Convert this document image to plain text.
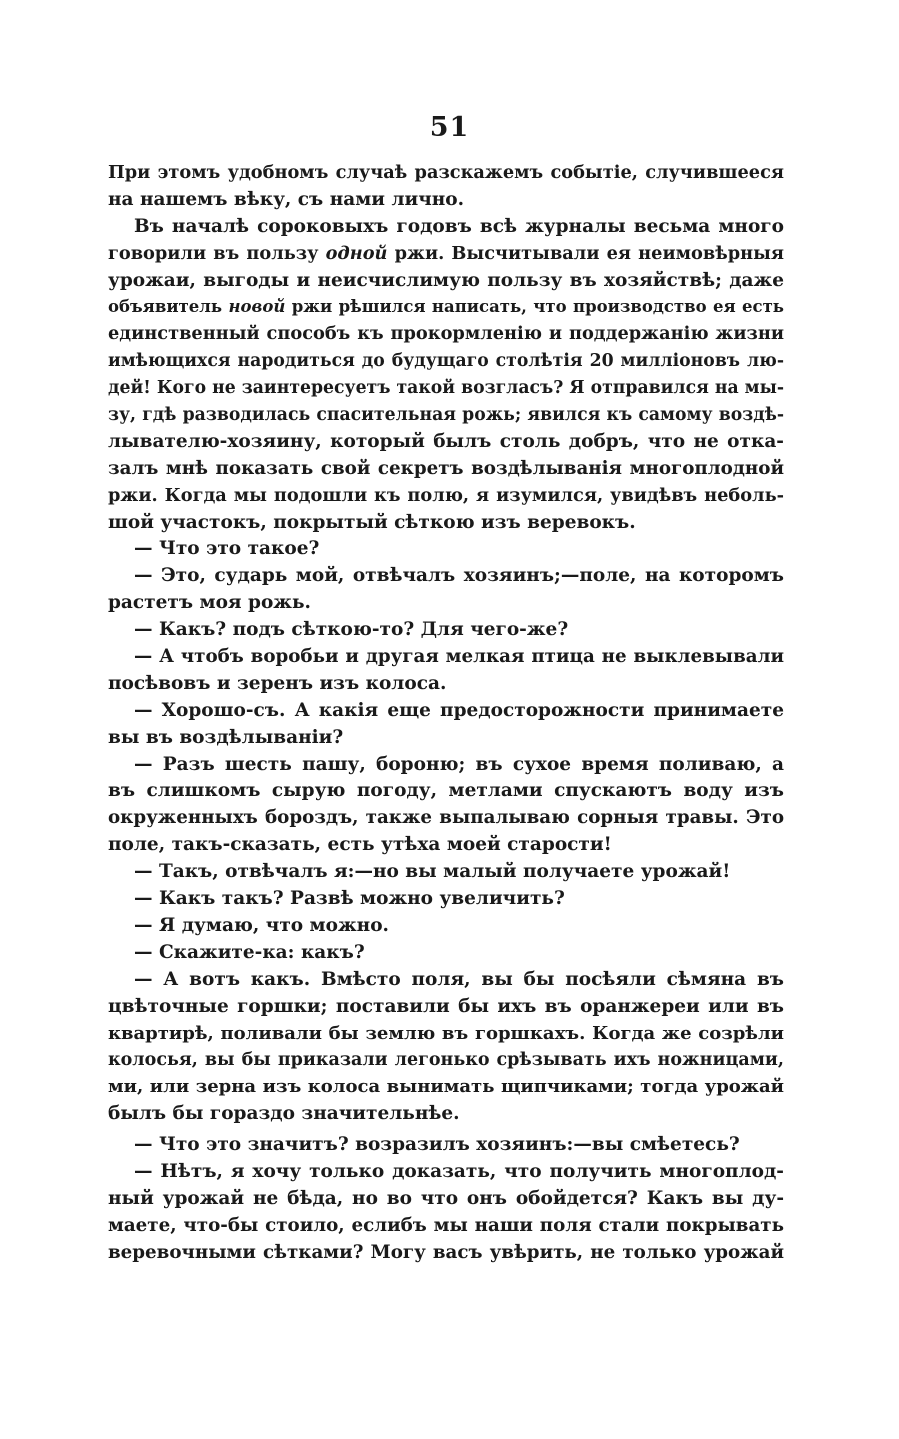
51
При этомъ удобномъ случаѣ разскажемъ событіе, случившееся
на нашемъ вѣку, съ нами лично.
Въ началѣ сороковыхъ годовъ всѣ журналы весьма много
говорили въ пользу одной ржи. Высчитывали ея неимовѣрныя
урожаи, выгоды и неисчислимую пользу въ хозяйствѣ; даже
объявитель новой ржи рѣшился написать, что производство ея есть
единственный способъ къ прокормленію и поддержанію жизни
имѣющихся народиться до будущаго столѣтія 20 милліоновъ лю-
дей! Кого не заинтересуетъ такой возгласъ? Я отправился на мы-
зу, гдѣ разводилась спасительная рожь; явился къ самому воздѣ-
лывателю-хозяину, который былъ столь добръ, что не отка-
залъ мнѣ показать свой секретъ воздѣлыванія многоплодной
ржи. Когда мы подошли къ полю, я изумился, увидѣвъ неболь-
шой участокъ, покрытый сѣткою изъ веревокъ.
— Что это такое?
— Это, сударь мой, отвѣчалъ хозяинъ;—поле, на которомъ
растетъ моя рожь.
— Какъ? подъ сѣткою-то? Для чего-же?
— А чтобъ воробьи и другая мелкая птица не выклевывали
посѣвовъ и зеренъ изъ колоса.
— Хорошо-съ. А какія еще предосторожности принимаете
вы въ воздѣлываніи?
— Разъ шесть пашу, бороню; въ сухое время поливаю, а
въ слишкомъ сырую погоду, метлами спускаютъ воду изъ
окруженныхъ бороздъ, также выпалываю сорныя травы. Это
поле, такъ-сказать, есть утѣха моей старости!
— Такъ, отвѣчалъ я:—но вы малый получаете урожай!
— Какъ такъ? Развѣ можно увеличить?
— Я думаю, что можно.
— Скажите-ка: какъ?
— А вотъ какъ. Вмѣсто поля, вы бы посѣяли сѣмяна въ
цвѣточные горшки; поставили бы ихъ въ оранжереи или въ
квартирѣ, поливали бы землю въ горшкахъ. Когда же созрѣли
колосья, вы бы приказали легонько срѣзывать ихъ ножницами,
ми, или зерна изъ колоса вынимать щипчиками; тогда урожай
былъ бы гораздо значительнѣе.
— Что это значитъ? возразилъ хозяинъ:—вы смѣетесь?
— Нѣтъ, я хочу только доказать, что получить многоплод-
ный урожай не бѣда, но во что онъ обойдется? Какъ вы ду-
маете, что-бы стоило, еслибъ мы наши поля стали покрывать
веревочными сѣтками? Могу васъ увѣрить, не только урожай
